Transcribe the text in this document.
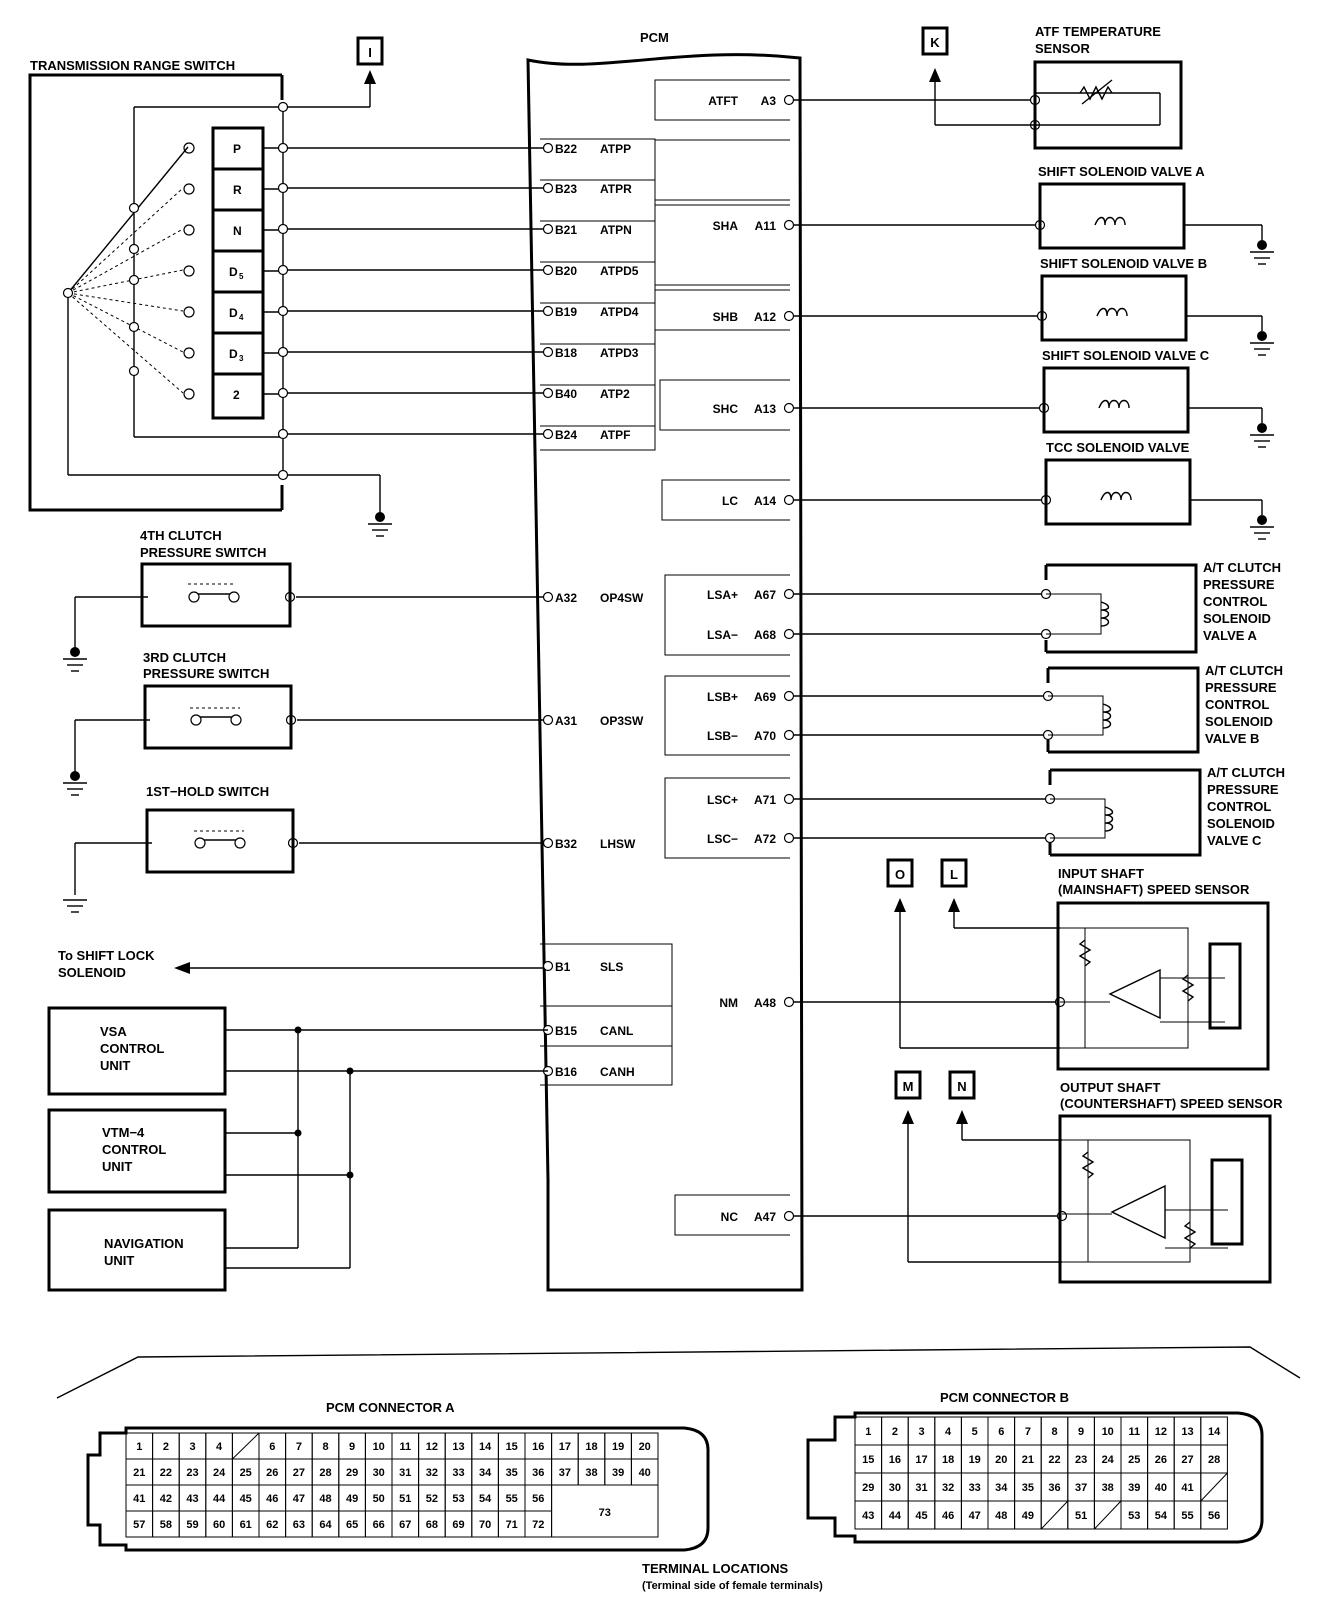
PCM
B22 ATPP
B23 ATPR
B21 ATPN
B20 ATPD5
B19 ATPD4
B18 ATPD3
B40 ATP2
B24 ATPF
A32 OP4SW
A31 OP3SW
B32 LHSW
B1 SLS
B15 CANL
B16 CANH
A3
ATFT
A11
SHA
A12
SHB
A13
SHC
A14
LC
A67
LSA+
A68
LSA−
A69
LSB+
A70
LSB−
A71
LSC+
A72
LSC−
A48
NM
A47
NC
TRANSMISSION RANGE SWITCH
P
R
N
D 5
D 4
D 3
2
4TH CLUTCH
PRESSURE SWITCH
3RD CLUTCH
PRESSURE SWITCH
1ST−HOLD SWITCH
To SHIFT LOCK
SOLENOID
VSA
CONTROL
UNIT
VTM−4
CONTROL
UNIT
NAVIGATION
UNIT
ATF TEMPERATURE
SENSOR
SHIFT SOLENOID VALVE A
SHIFT SOLENOID VALVE B
SHIFT SOLENOID VALVE C
TCC SOLENOID VALVE
A/T CLUTCH
PRESSURE
CONTROL
SOLENOID
VALVE A
A/T CLUTCH
PRESSURE
CONTROL
SOLENOID
VALVE B
A/T CLUTCH
PRESSURE
CONTROL
SOLENOID
VALVE C
INPUT SHAFT
(MAINSHAFT) SPEED SENSOR
OUTPUT SHAFT
(COUNTERSHAFT) SPEED SENSOR
I
K
O	L
M	N
PCM CONNECTOR A
1 2 3 4	6 7 8 9 10 11 12 13 14 15 16 17 18 19 20
21 22 23 24 25 26 27 28 29 30 31 32 33 34 35 36 37 38 39 40
41 42 43 44 45 46 47 48 49 50 51 52 53 54 55 56
57 58 59 60 61 62 63 64 65 66 67 68 69 70 71 72
73
PCM CONNECTOR B
1 2 3 4 5 6 7 8 9 10 11 12 13 14
15 16 17 18 19 20 21 22 23 24 25 26 27 28
29 30 31 32 33 34 35 36 37 38 39 40 41
43 44 45 46 47 48 49	51	53 54 55 56
TERMINAL LOCATIONS
(Terminal side of female terminals)
